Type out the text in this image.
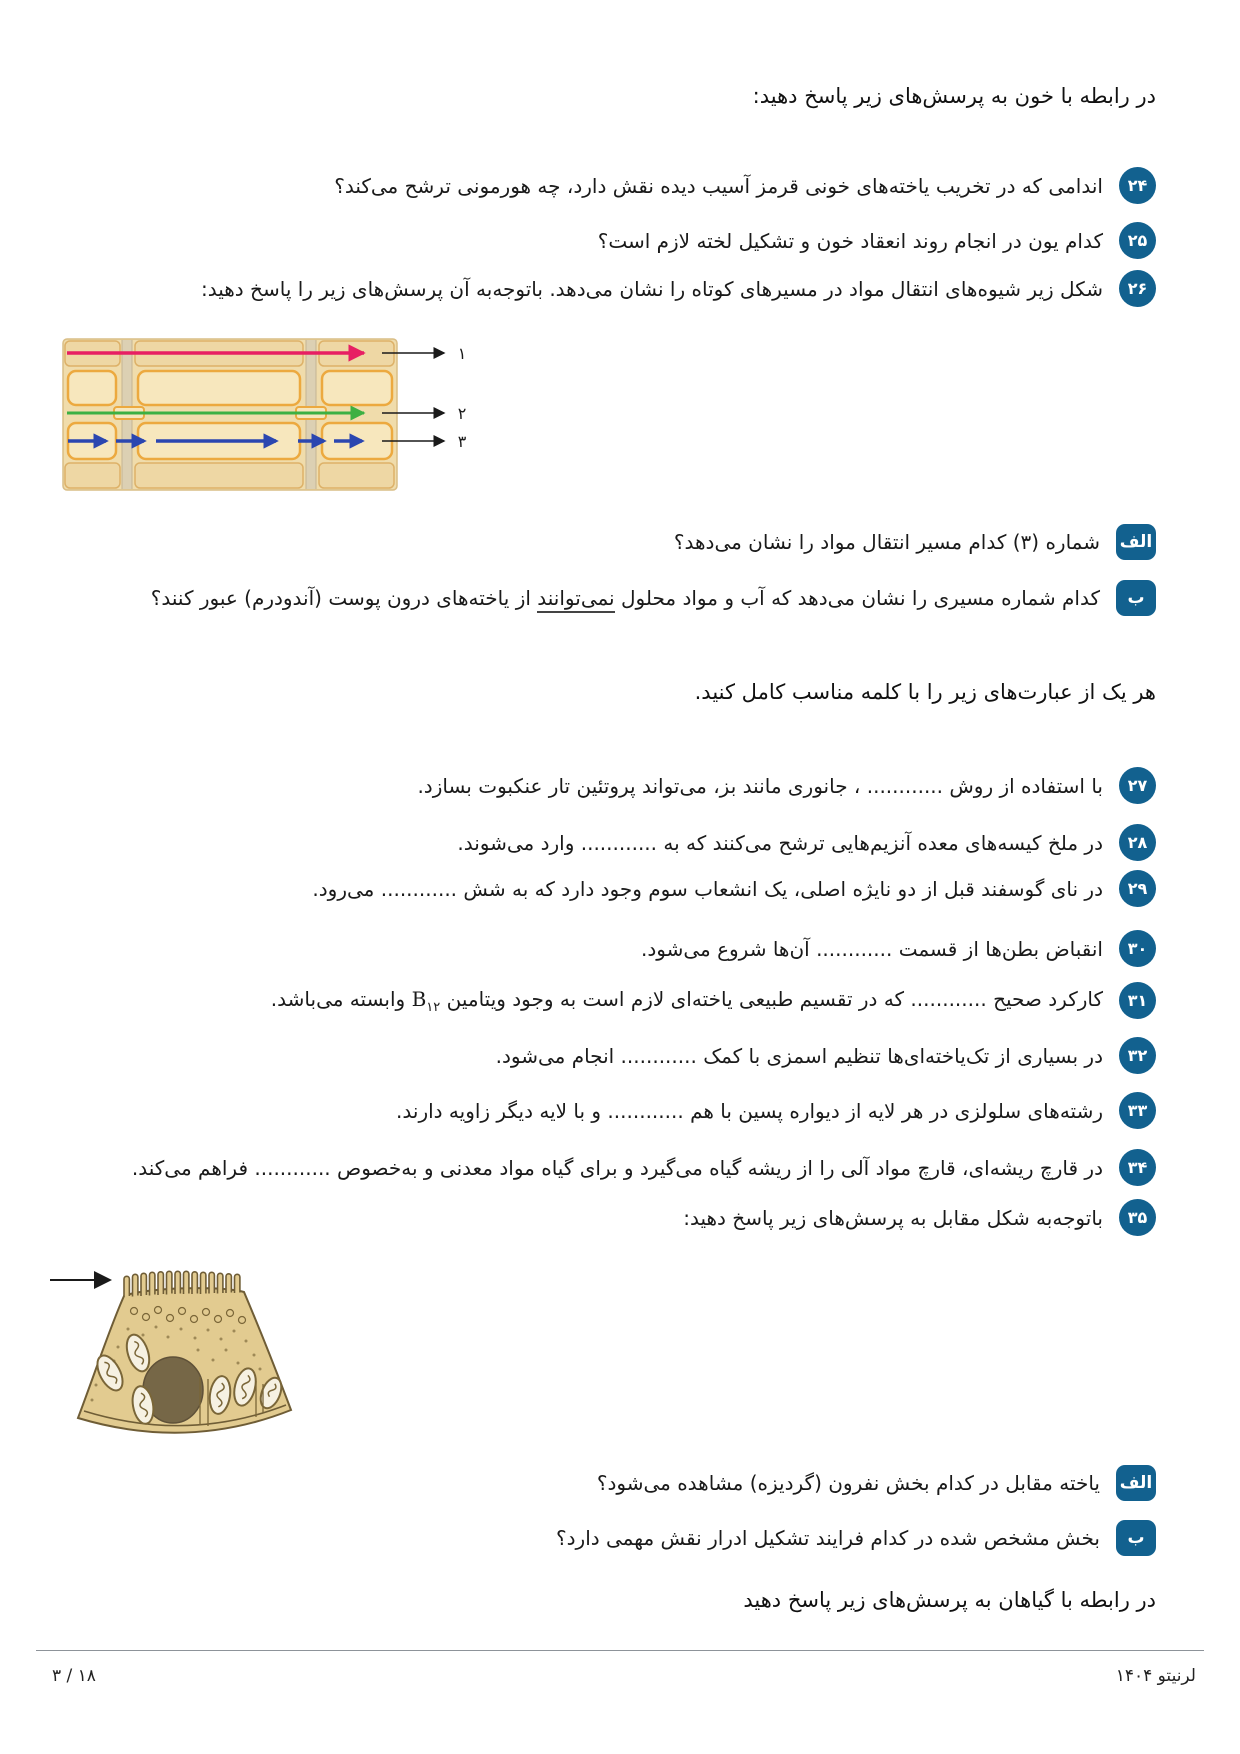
در رابطه با خون به پرسش‌های زیر پاسخ دهید:
۲۴
اندامی که در تخریب یاخته‌های خونی قرمز آسیب دیده نقش دارد، چه هورمونی ترشح می‌کند؟
۲۵
کدام یون در انجام روند انعقاد خون و تشکیل لخته لازم است؟
۲۶
شکل زیر شیوه‌های انتقال مواد در مسیرهای کوتاه را نشان می‌دهد. باتوجه‌به آن پرسش‌های زیر را پاسخ دهید:
۱
۲
۳
الف
شماره (۳) کدام مسیر انتقال مواد را نشان می‌دهد؟
ب
کدام شماره مسیری را نشان می‌دهد که آب و مواد محلول نمی‌توانند از یاخته‌های درون پوست (آندودرم) عبور کنند؟
هر یک از عبارت‌های زیر را با کلمه مناسب کامل کنید.
۲۷
با استفاده از روش ............ ، جانوری مانند بز، می‌تواند پروتئین تار عنکبوت بسازد.
۲۸
در ملخ کیسه‌های معده آنزیم‌هایی ترشح می‌کنند که به ............ وارد می‌شوند.
۲۹
در نای گوسفند قبل از دو نایژه اصلی، یک انشعاب سوم وجود دارد که به شش ............ می‌رود.
۳۰
انقباض بطن‌ها از قسمت ............ آن‌ها شروع می‌شود.
۳۱
کارکرد صحیح ............ که در تقسیم طبیعی یاخته‌ای لازم است به وجود ویتامین $B_{۱۲}$ وابسته می‌باشد.
۳۲
در بسیاری از تک‌یاخته‌ای‌ها تنظیم اسمزی با کمک ............ انجام می‌شود.
۳۳
رشته‌های سلولزی در هر لایه از دیواره پسین با هم ............ و با لایه دیگر زاویه دارند.
۳۴
در قارچ ریشه‌ای، قارچ مواد آلی را از ریشه گیاه می‌گیرد و برای گیاه مواد معدنی و به‌خصوص ............ فراهم می‌کند.
۳۵
باتوجه‌به شکل مقابل به پرسش‌های زیر پاسخ دهید:
الف
یاخته مقابل در کدام بخش نفرون (گردیزه) مشاهده می‌شود؟
ب
بخش مشخص شده در کدام فرایند تشکیل ادرار نقش مهمی دارد؟
در رابطه با گیاهان به پرسش‌های زیر پاسخ دهید
۳ / ۱۸	لرنیتو ۱۴۰۴
